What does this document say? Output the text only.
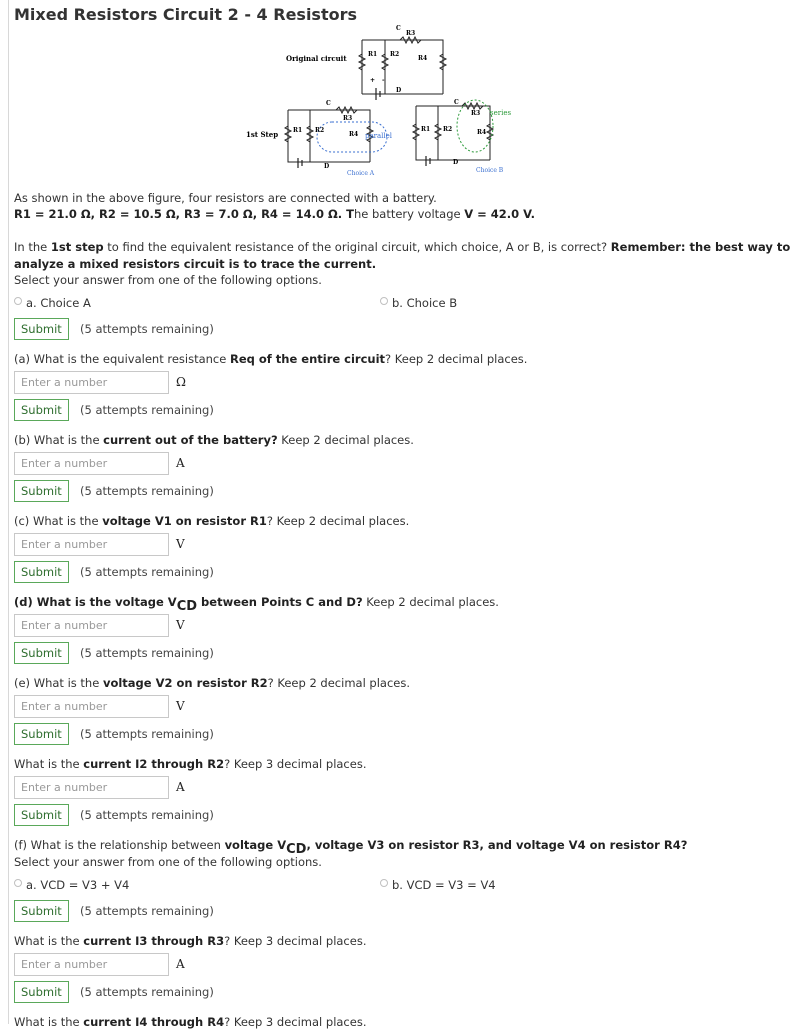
Mixed Resistors Circuit 2 - 4 Resistors
Original circuit	R1 R2
R4
R3
C
D
+ -
1st Step R1 R2
R4
R3
C
D
parallel
Choice A
R1 R2	R4
R3
C
D
series
Choice B
As shown in the above figure, four resistors are connected with a battery.
R1 = 21.0 Ω, R2 = 10.5 Ω, R3 = 7.0 Ω, R4 = 14.0 Ω. The battery voltage V = 42.0 V.
In the 1st step to find the equivalent resistance of the original circuit, which choice, A or B, is correct? Remember: the best way to
analyze a mixed resistors circuit is to trace the current.
Select your answer from one of the following options.
a. Choice A	b. Choice B
Submit	(5 attempts remaining)
(a) What is the equivalent resistance Req of the entire circuit? Keep 2 decimal places.
Enter a number
Ω
Submit	(5 attempts remaining)
(b) What is the current out of the battery? Keep 2 decimal places.
Enter a number
A
Submit	(5 attempts remaining)
(c) What is the voltage V1 on resistor R1? Keep 2 decimal places.
Enter a number
V
Submit	(5 attempts remaining)
(d) What is the voltage VCD between Points C and D? Keep 2 decimal places.
Enter a number
V
Submit	(5 attempts remaining)
(e) What is the voltage V2 on resistor R2? Keep 2 decimal places.
Enter a number
V
Submit	(5 attempts remaining)
What is the current I2 through R2? Keep 3 decimal places.
Enter a number
A
Submit	(5 attempts remaining)
(f) What is the relationship between voltage VCD, voltage V3 on resistor R3, and voltage V4 on resistor R4?
Select your answer from one of the following options.
a. VCD = V3 + V4	b. VCD = V3 = V4
Submit	(5 attempts remaining)
What is the current I3 through R3? Keep 3 decimal places.
Enter a number
A
Submit	(5 attempts remaining)
What is the current I4 through R4? Keep 3 decimal places.
